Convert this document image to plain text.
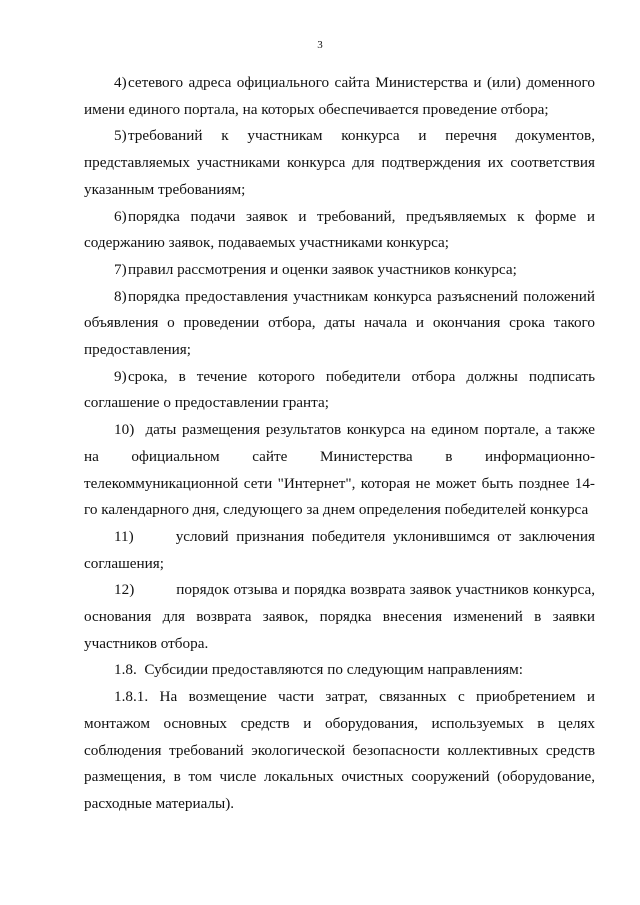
3

4) сетевого адреса официального сайта Министерства и (или) доменного имени единого портала, на которых обеспечивается проведение отбора;

5) требований к участникам конкурса и перечня документов, представляемых участниками конкурса для подтверждения их соответствия указанным требованиям;

6) порядка подачи заявок и требований, предъявляемых к форме и содержанию заявок, подаваемых участниками конкурса;

7) правил рассмотрения и оценки заявок участников конкурса;

8) порядка предоставления участникам конкурса разъяснений положений объявления о проведении отбора, даты начала и окончания срока такого предоставления;

9) срока, в течение которого победители отбора должны подписать соглашение о предоставлении гранта;

10) даты размещения результатов конкурса на едином портале, а также на официальном сайте Министерства в информационно-телекоммуникационной сети "Интернет", которая не может быть позднее 14-го календарного дня, следующего за днем определения победителей конкурса

11)	условий признания победителя уклонившимся от заключения соглашения;

12)	порядок отзыва и порядка возврата заявок участников конкурса, основания для возврата заявок, порядка внесения изменений в заявки участников отбора.

1.8. Субсидии предоставляются по следующим направлениям:

1.8.1. На возмещение части затрат, связанных с приобретением и монтажом основных средств и оборудования, используемых в целях соблюдения требований экологической безопасности коллективных средств размещения, в том числе локальных очистных сооружений (оборудование, расходные материалы).
